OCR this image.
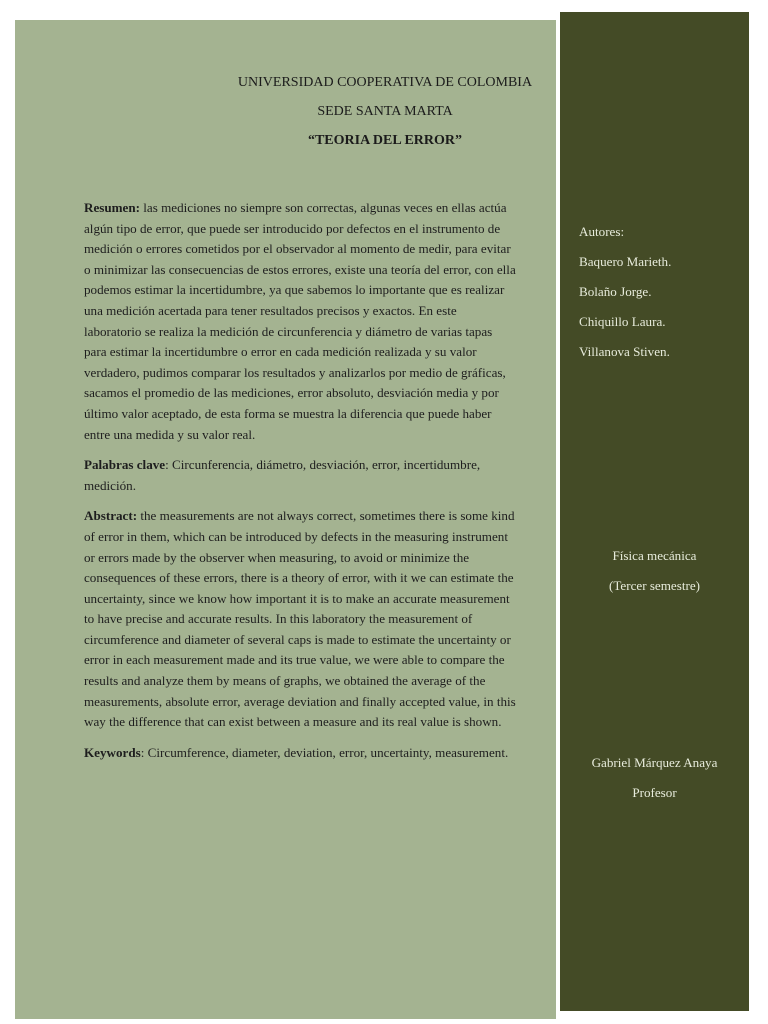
Autores:
Baquero Marieth.
Bolaño Jorge.
Chiquillo Laura.
Villanova Stiven.
Física mecánica
(Tercer semestre)
Gabriel Márquez Anaya
Profesor
UNIVERSIDAD COOPERATIVA DE COLOMBIA
SEDE SANTA MARTA
“TEORIA DEL ERROR”

Resumen: las mediciones no siempre son correctas, algunas veces en ellas actúa algún tipo de error, que puede ser introducido por defectos en el instrumento de medición o errores cometidos por el observador al momento de medir, para evitar o minimizar las consecuencias de estos errores, existe una teoría del error, con ella podemos estimar la incertidumbre, ya que sabemos lo importante que es realizar una medición acertada para tener resultados precisos y exactos. En este laboratorio se realiza la medición de circunferencia y diámetro de varias tapas para estimar la incertidumbre o error en cada medición realizada y su valor verdadero, pudimos comparar los resultados y analizarlos por medio de gráficas, sacamos el promedio de las mediciones, error absoluto, desviación media y por último valor aceptado, de esta forma se muestra la diferencia que puede haber entre una medida y su valor real.

Palabras clave: Circunferencia, diámetro, desviación, error, incertidumbre, medición.

Abstract: the measurements are not always correct, sometimes there is some kind of error in them, which can be introduced by defects in the measuring instrument or errors made by the observer when measuring, to avoid or minimize the consequences of these errors, there is a theory of error, with it we can estimate the uncertainty, since we know how important it is to make an accurate measurement to have precise and accurate results. In this laboratory the measurement of circumference and diameter of several caps is made to estimate the uncertainty or error in each measurement made and its true value, we were able to compare the results and analyze them by means of graphs, we obtained the average of the measurements, absolute error, average deviation and finally accepted value, in this way the difference that can exist between a measure and its real value is shown.

Keywords: Circumference, diameter, deviation, error, uncertainty, measurement.
